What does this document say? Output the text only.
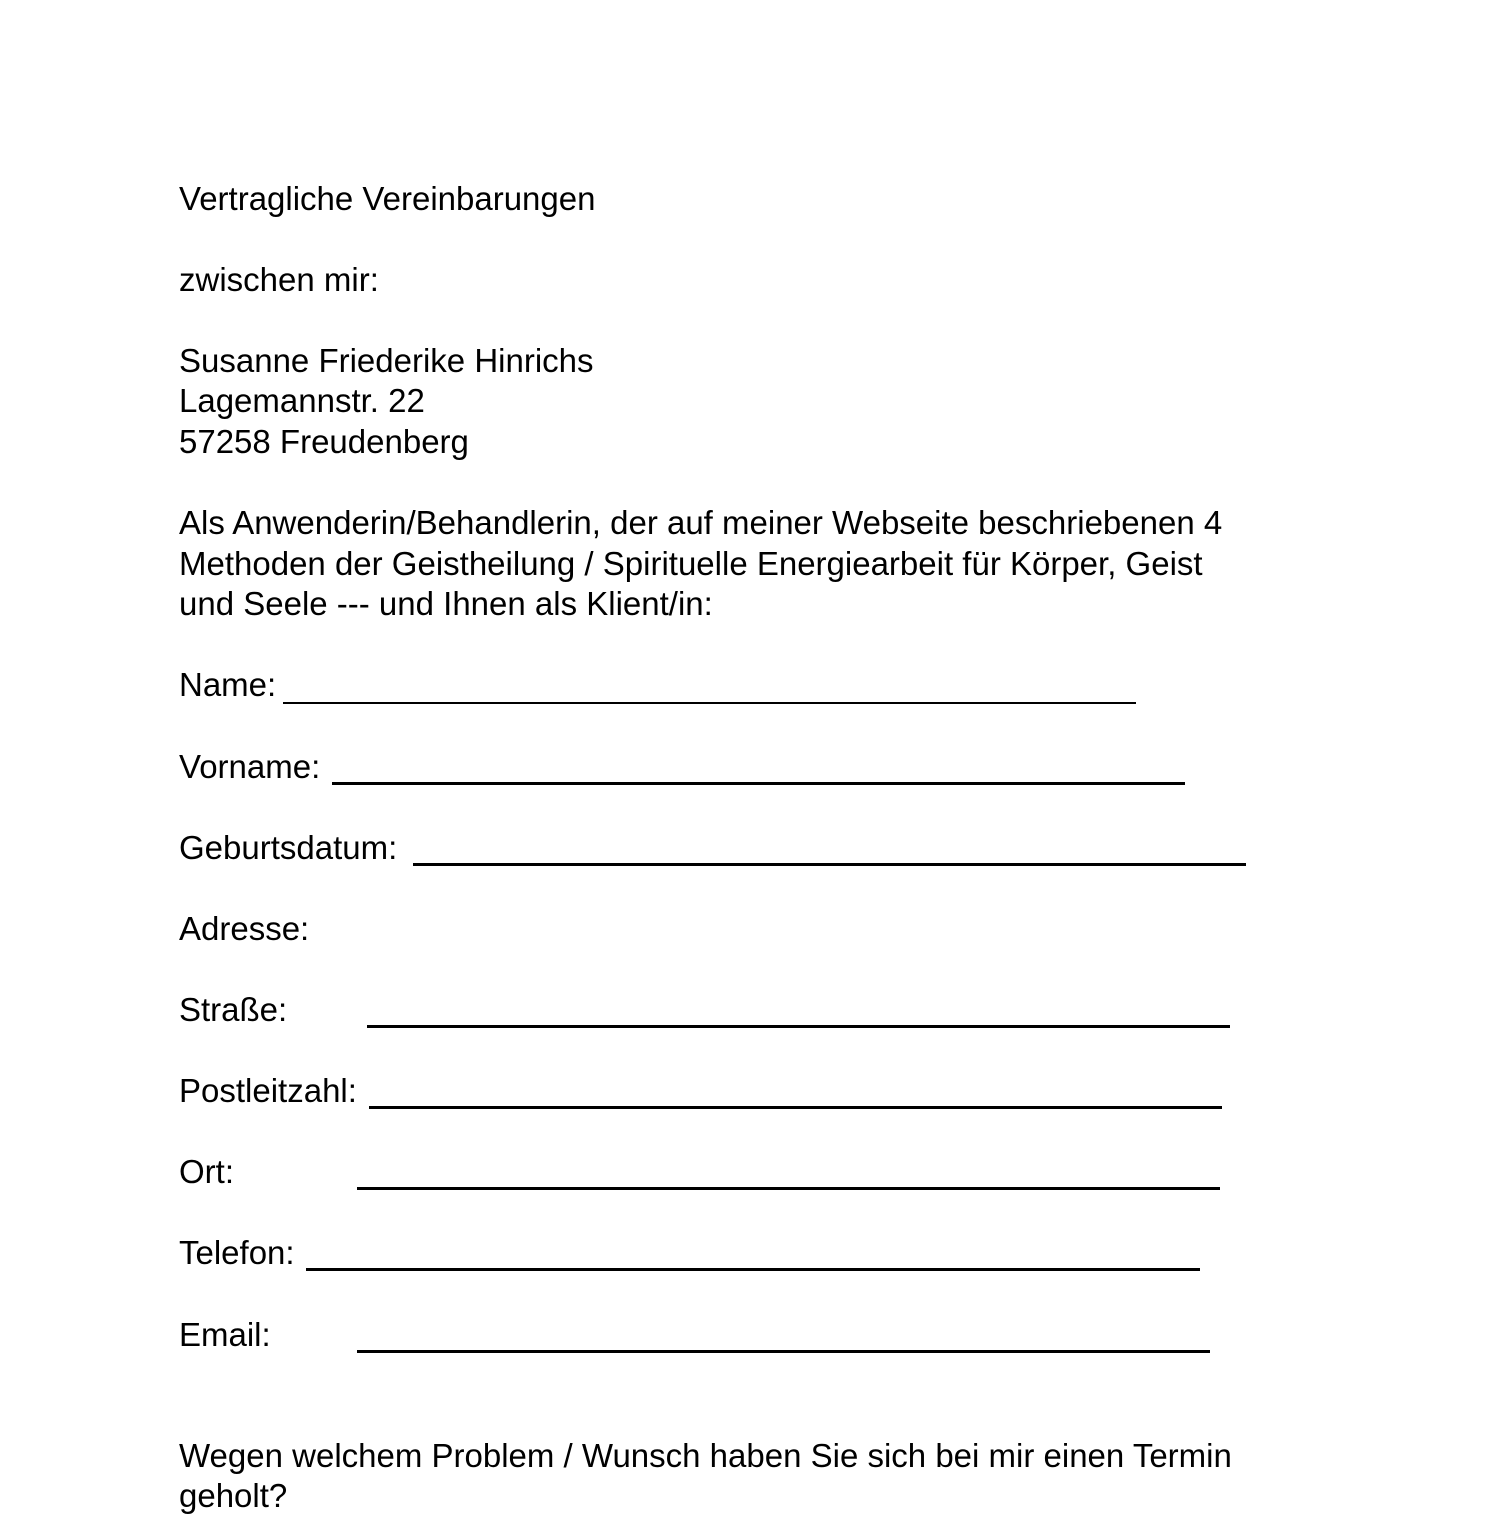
Vertragliche Vereinbarungen
zwischen mir:
Susanne Friederike Hinrichs
Lagemannstr. 22
57258 Freudenberg
Als Anwenderin/Behandlerin, der auf meiner Webseite beschriebenen 4
Methoden der Geistheilung / Spirituelle Energiearbeit für Körper, Geist
und Seele --- und Ihnen als Klient/in:
Name:
Vorname:
Geburtsdatum:
Adresse:
Straße:
Postleitzahl:
Ort:
Telefon:
Email:
Wegen welchem Problem / Wunsch haben Sie sich bei mir einen Termin
geholt?
